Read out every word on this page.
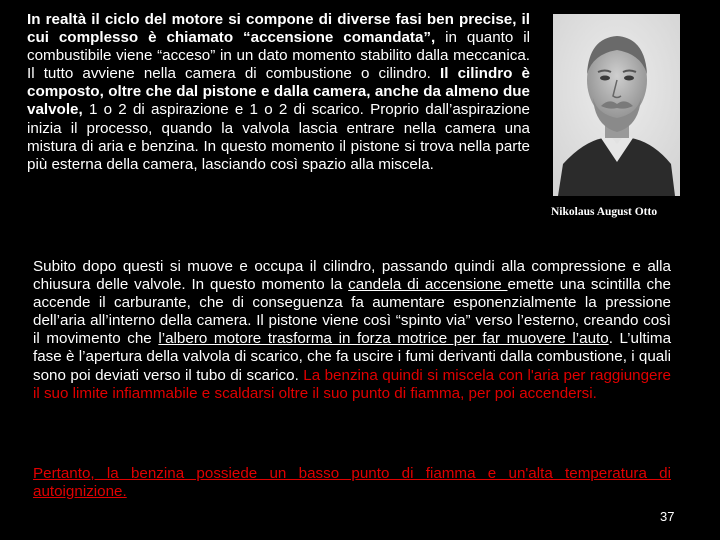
In realtà il ciclo del motore si compone di diverse fasi ben precise, il cui complesso è chiamato “accensione comandata”, in quanto il combustibile viene “acceso” in un dato momento stabilito dalla meccanica. Il tutto avviene nella camera di combustione o cilindro. Il cilindro è composto, oltre che dal pistone e dalla camera, anche da almeno due valvole, 1 o 2 di aspirazione e 1 o 2 di scarico. Proprio dall’aspirazione inizia il processo, quando la valvola lascia entrare nella camera una mistura di aria e benzina. In questo momento il pistone si trova nella parte più esterna della camera, lasciando così spazio alla miscela.
Nikolaus August Otto
Subito dopo questi si muove e occupa il cilindro, passando quindi alla compressione e alla chiusura delle valvole. In questo momento la candela di accensione emette una scintilla che accende il carburante, che di conseguenza fa aumentare esponenzialmente la pressione dell’aria all’interno della camera. Il pistone viene così “spinto via” verso l’esterno, creando così il movimento che l’albero motore trasforma in forza motrice per far muovere l’auto. L’ultima fase è l’apertura della valvola di scarico, che fa uscire i fumi derivanti dalla combustione, i quali sono poi deviati verso il tubo di scarico. La benzina quindi si miscela con l'aria per raggiungere il suo limite infiammabile e scaldarsi oltre il suo punto di fiamma, per poi accendersi.
Pertanto, la benzina possiede un basso punto di fiamma e un'alta temperatura di autoignizione.
37
